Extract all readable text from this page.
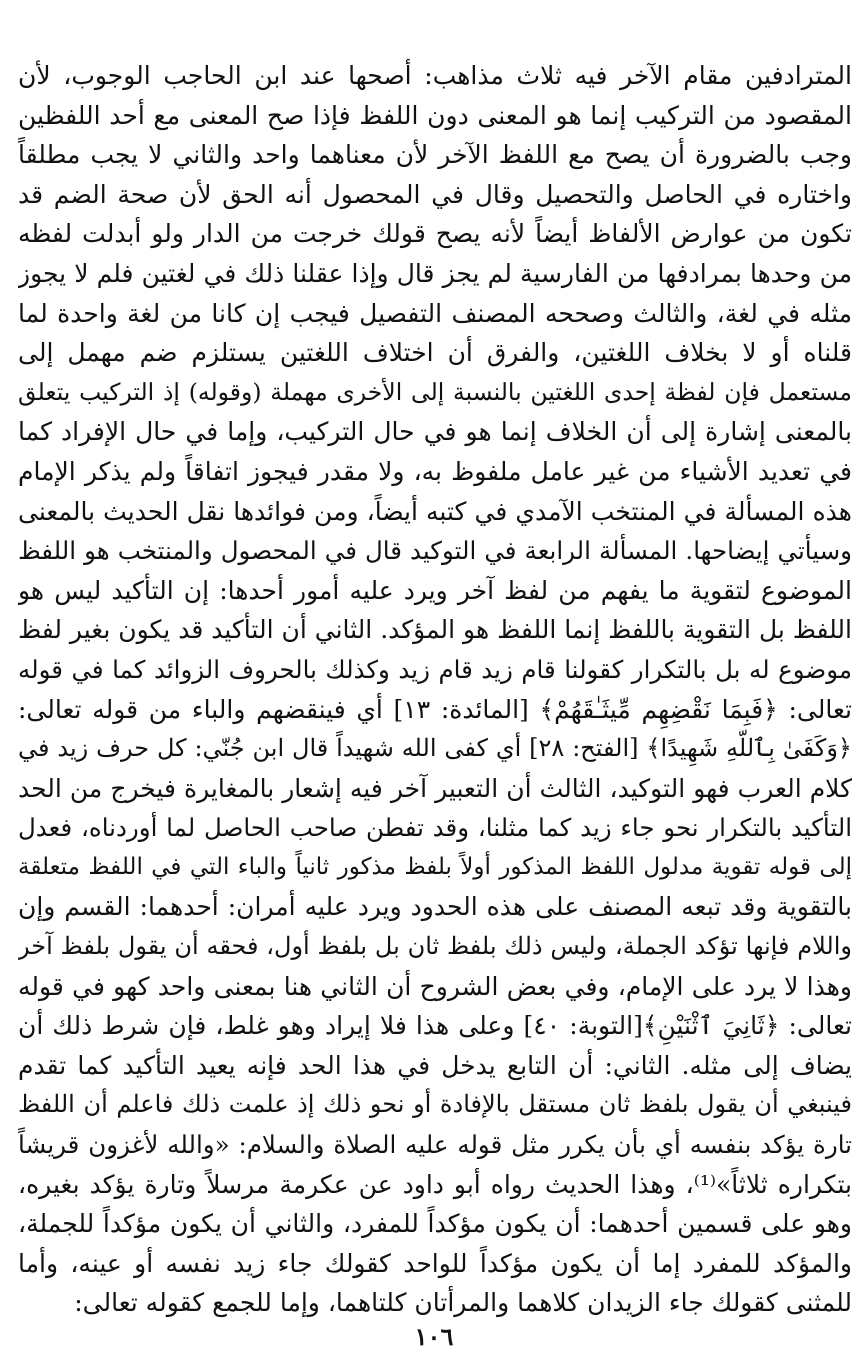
المترادفين مقام الآخر فيه ثلاث مذاهب: أصحها عند ابن الحاجب الوجوب، لأن
المقصود من التركيب إنما هو المعنى دون اللفظ فإذا صح المعنى مع أحد اللفظين
وجب بالضرورة أن يصح مع اللفظ الآخر لأن معناهما واحد والثاني لا يجب مطلقاً
واختاره في الحاصل والتحصيل وقال في المحصول أنه الحق لأن صحة الضم قد
تكون من عوارض الألفاظ أيضاً لأنه يصح قولك خرجت من الدار ولو أبدلت لفظه
من وحدها بمرادفها من الفارسية لم يجز قال وإذا عقلنا ذلك في لغتين فلم لا يجوز
مثله في لغة، والثالث وصححه المصنف التفصيل فيجب إن كانا من لغة واحدة لما
قلناه أو لا بخلاف اللغتين، والفرق أن اختلاف اللغتين يستلزم ضم مهمل إلى
مستعمل فإن لفظة إحدى اللغتين بالنسبة إلى الأخرى مهملة (وقوله) إذ التركيب يتعلق
بالمعنى إشارة إلى أن الخلاف إنما هو في حال التركيب، وإما في حال الإفراد كما
في تعديد الأشياء من غير عامل ملفوظ به، ولا مقدر فيجوز اتفاقاً ولم يذكر الإمام
هذه المسألة في المنتخب الآمدي في كتبه أيضاً، ومن فوائدها نقل الحديث بالمعنى
وسيأتي إيضاحها. المسألة الرابعة في التوكيد قال في المحصول والمنتخب هو اللفظ
الموضوع لتقوية ما يفهم من لفظ آخر ويرد عليه أمور أحدها: إن التأكيد ليس هو
اللفظ بل التقوية باللفظ إنما اللفظ هو المؤكد. الثاني أن التأكيد قد يكون بغير لفظ
موضوع له بل بالتكرار كقولنا قام زيد قام زيد وكذلك بالحروف الزوائد كما في قوله
تعالى: ﴿فَبِمَا نَقْضِهِم مِّيثَـٰقَهُمْ﴾ [المائدة: ١٣] أي فينقضهم والباء من قوله تعالى:
﴿وَكَفَىٰ بِٱللَّهِ شَهِيدًا﴾ [الفتح: ٢٨] أي كفى الله شهيداً قال ابن جُنّي: كل حرف زيد في
كلام العرب فهو التوكيد، الثالث أن التعبير آخر فيه إشعار بالمغايرة فيخرج من الحد
التأكيد بالتكرار نحو جاء زيد كما مثلنا، وقد تفطن صاحب الحاصل لما أوردناه، فعدل
إلى قوله تقوية مدلول اللفظ المذكور أولاً بلفظ مذكور ثانياً والباء التي في اللفظ متعلقة
بالتقوية وقد تبعه المصنف على هذه الحدود ويرد عليه أمران: أحدهما: القسم وإن
واللام فإنها تؤكد الجملة، وليس ذلك بلفظ ثان بل بلفظ أول، فحقه أن يقول بلفظ آخر
وهذا لا يرد على الإمام، وفي بعض الشروح أن الثاني هنا بمعنى واحد كهو في قوله
تعالى: ﴿ثَانِيَ ٱثْنَيْنِ﴾[التوبة: ٤٠] وعلى هذا فلا إيراد وهو غلط، فإن شرط ذلك أن
يضاف إلى مثله. الثاني: أن التابع يدخل في هذا الحد فإنه يعيد التأكيد كما تقدم
فينبغي أن يقول بلفظ ثان مستقل بالإفادة أو نحو ذلك إذ علمت ذلك فاعلم أن اللفظ
تارة يؤكد بنفسه أي بأن يكرر مثل قوله عليه الصلاة والسلام: «والله لأغزون قريشاً
بتكراره ثلاثاً»⁽¹⁾، وهذا الحديث رواه أبو داود عن عكرمة مرسلاً وتارة يؤكد بغيره،
وهو على قسمين أحدهما: أن يكون مؤكداً للمفرد، والثاني أن يكون مؤكداً للجملة،
والمؤكد للمفرد إما أن يكون مؤكداً للواحد كقولك جاء زيد نفسه أو عينه، وأما
للمثنى كقولك جاء الزيدان كلاهما والمرأتان كلتاهما، وإما للجمع كقوله تعالى:
١٠٦
